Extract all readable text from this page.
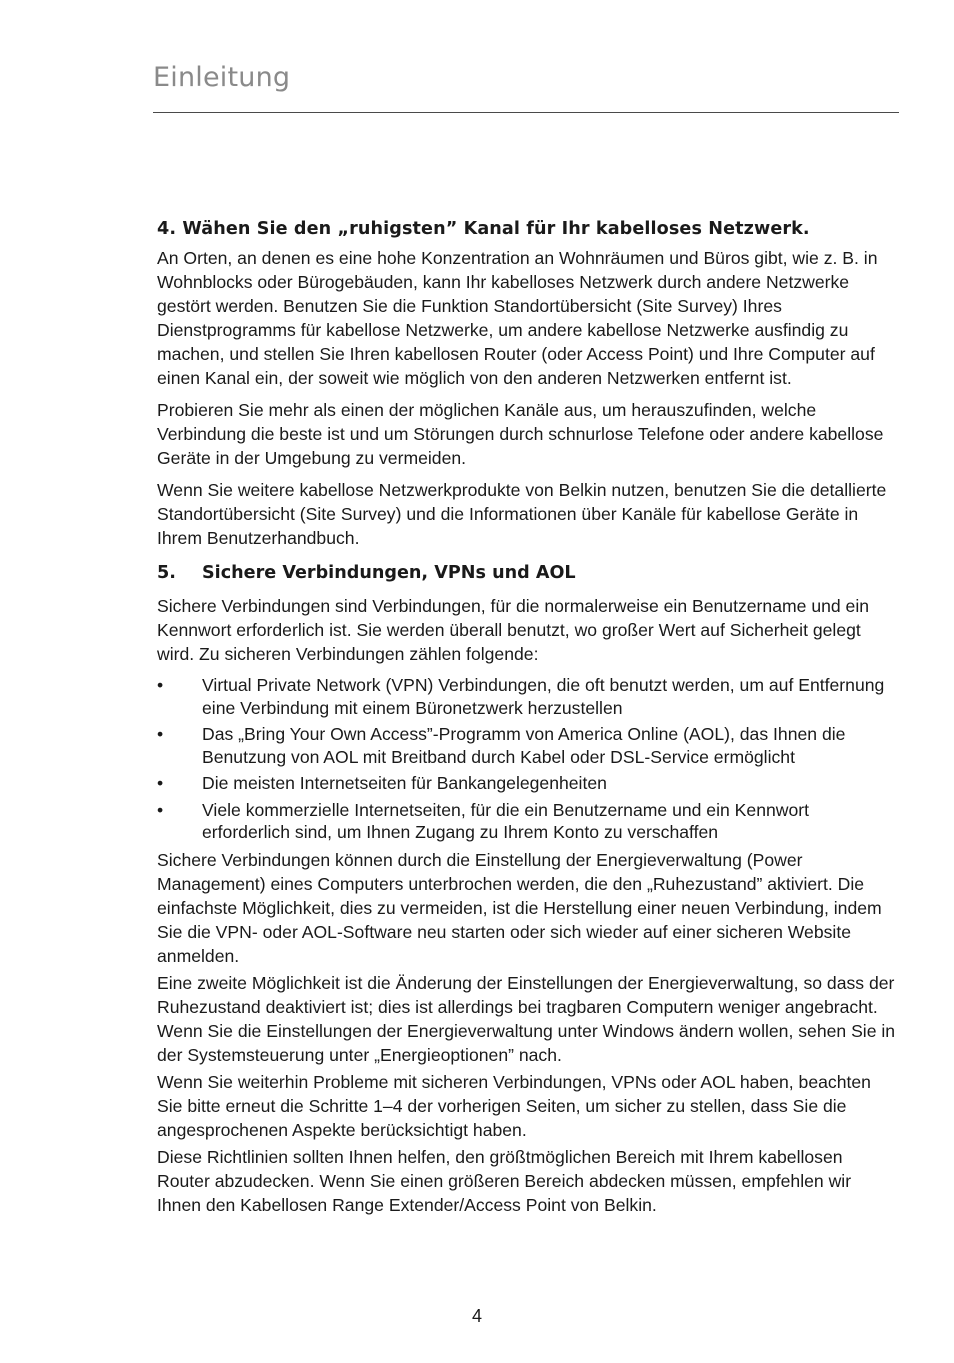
Einleitung
4. Wähen Sie den „ruhigsten” Kanal für Ihr kabelloses Netzwerk.

An Orten, an denen es eine hohe Konzentration an Wohnräumen und Büros gibt, wie z. B. in Wohnblocks oder Bürogebäuden, kann Ihr kabelloses Netzwerk durch andere Netzwerke gestört werden. Benutzen Sie die Funktion Standortübersicht (Site Survey) Ihres Dienstprogramms für kabellose Netzwerke, um andere kabellose Netzwerke ausfindig zu machen, und stellen Sie Ihren kabellosen Router (oder Access Point) und Ihre Computer auf einen Kanal ein, der soweit wie möglich von den anderen Netzwerken entfernt ist.

Probieren Sie mehr als einen der möglichen Kanäle aus, um herauszufinden, welche Verbindung die beste ist und um Störungen durch schnurlose Telefone oder andere kabellose Geräte in der Umgebung zu vermeiden.

Wenn Sie weitere kabellose Netzwerkprodukte von Belkin nutzen, benutzen Sie die detallierte Standortübersicht (Site Survey) und die Informationen über Kanäle für kabellose Geräte in Ihrem Benutzerhandbuch.

5.	Sichere Verbindungen, VPNs und AOL

Sichere Verbindungen sind Verbindungen, für die normalerweise ein Benutzername und ein Kennwort erforderlich ist. Sie werden überall benutzt, wo großer Wert auf Sicherheit gelegt wird. Zu sicheren Verbindungen zählen folgende:

•	Virtual Private Network (VPN) Verbindungen, die oft benutzt werden, um auf Entfernung eine Verbindung mit einem Büronetzwerk herzustellen
•	Das „Bring Your Own Access”-Programm von America Online (AOL), das Ihnen die Benutzung von AOL mit Breitband durch Kabel oder DSL-Service ermöglicht
•	Die meisten Internetseiten für Bankangelegenheiten
•	Viele kommerzielle Internetseiten, für die ein Benutzername und ein Kennwort erforderlich sind, um Ihnen Zugang zu Ihrem Konto zu verschaffen

Sichere Verbindungen können durch die Einstellung der Energieverwaltung (Power Management) eines Computers unterbrochen werden, die den „Ruhezustand” aktiviert. Die einfachste Möglichkeit, dies zu vermeiden, ist die Herstellung einer neuen Verbindung, indem Sie die VPN- oder AOL-Software neu starten oder sich wieder auf einer sicheren Website anmelden.

Eine zweite Möglichkeit ist die Änderung der Einstellungen der Energieverwaltung, so dass der Ruhezustand deaktiviert ist; dies ist allerdings bei tragbaren Computern weniger angebracht. Wenn Sie die Einstellungen der Energieverwaltung unter Windows ändern wollen, sehen Sie in der Systemsteuerung unter „Energieoptionen” nach.

Wenn Sie weiterhin Probleme mit sicheren Verbindungen, VPNs oder AOL haben, beachten Sie bitte erneut die Schritte 1–4 der vorherigen Seiten, um sicher zu stellen, dass Sie die angesprochenen Aspekte berücksichtigt haben.

Diese Richtlinien sollten Ihnen helfen, den größtmöglichen Bereich mit Ihrem kabellosen Router abzudecken. Wenn Sie einen größeren Bereich abdecken müssen, empfehlen wir Ihnen den Kabellosen Range Extender/Access Point von Belkin.

4
